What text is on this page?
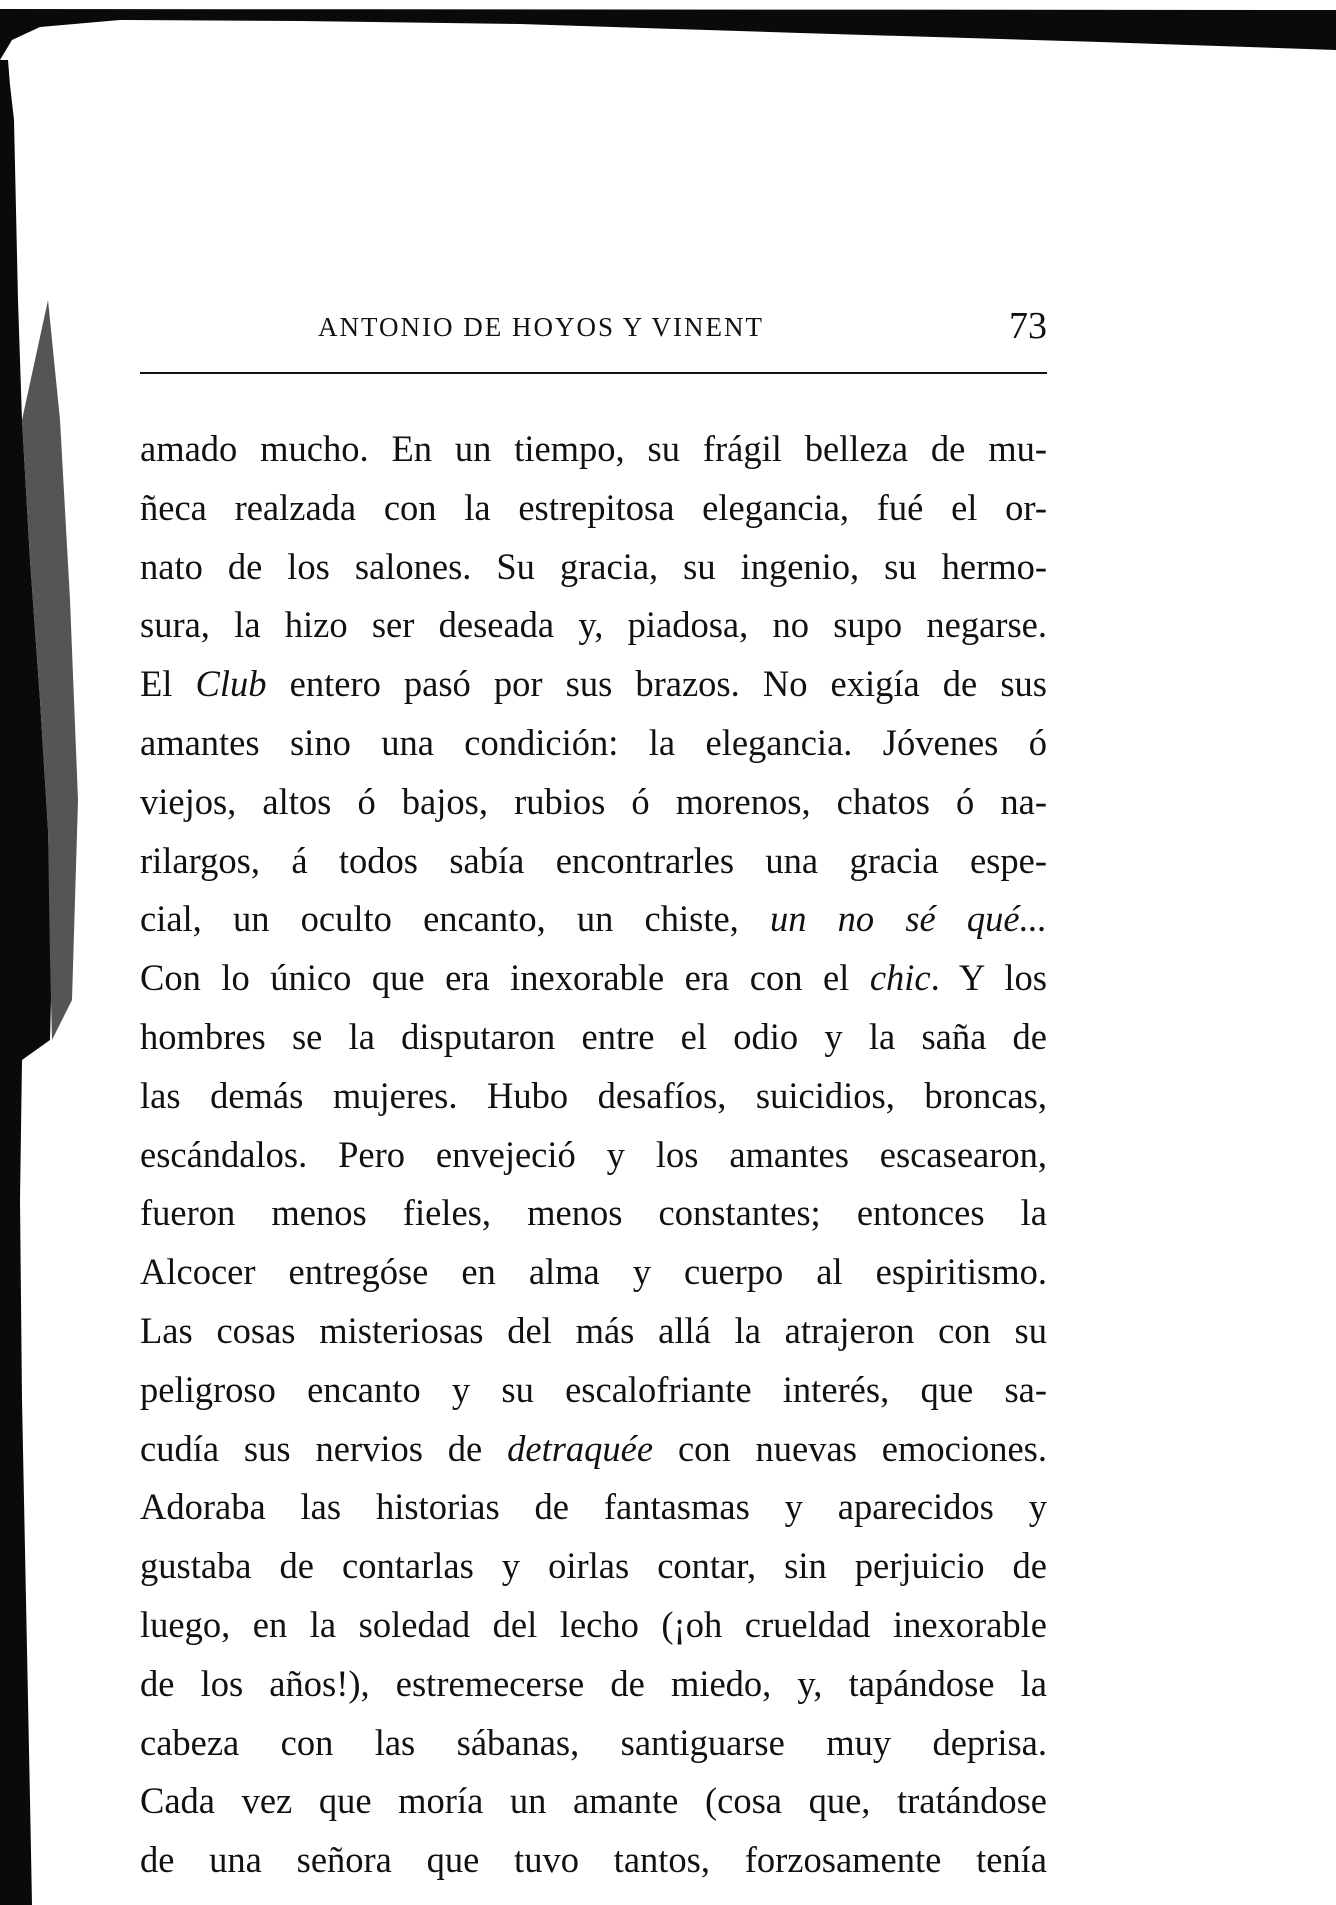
ANTONIO DE HOYOS Y VINENT	73
amado mucho. En un tiempo, su frágil belleza de mu-
ñeca realzada con la estrepitosa elegancia, fué el or-
nato de los salones. Su gracia, su ingenio, su hermo-
sura, la hizo ser deseada y, piadosa, no supo negarse.
El Club entero pasó por sus brazos. No exigía de sus
amantes sino una condición: la elegancia. Jóvenes ó
viejos, altos ó bajos, rubios ó morenos, chatos ó na-
rilargos, á todos sabía encontrarles una gracia espe-
cial, un oculto encanto, un chiste, un no sé qué...
Con lo único que era inexorable era con el chic. Y los
hombres se la disputaron entre el odio y la saña de
las demás mujeres. Hubo desafíos, suicidios, broncas,
escándalos. Pero envejeció y los amantes escasearon,
fueron menos fieles, menos constantes; entonces la
Alcocer entregóse en alma y cuerpo al espiritismo.
Las cosas misteriosas del más allá la atrajeron con su
peligroso encanto y su escalofriante interés, que sa-
cudía sus nervios de detraquée con nuevas emociones.
Adoraba las historias de fantasmas y aparecidos y
gustaba de contarlas y oirlas contar, sin perjuicio de
luego, en la soledad del lecho (¡oh crueldad inexorable
de los años!), estremecerse de miedo, y, tapándose la
cabeza con las sábanas, santiguarse muy deprisa.
Cada vez que moría un amante (cosa que, tratándose
de una señora que tuvo tantos, forzosamente tenía
